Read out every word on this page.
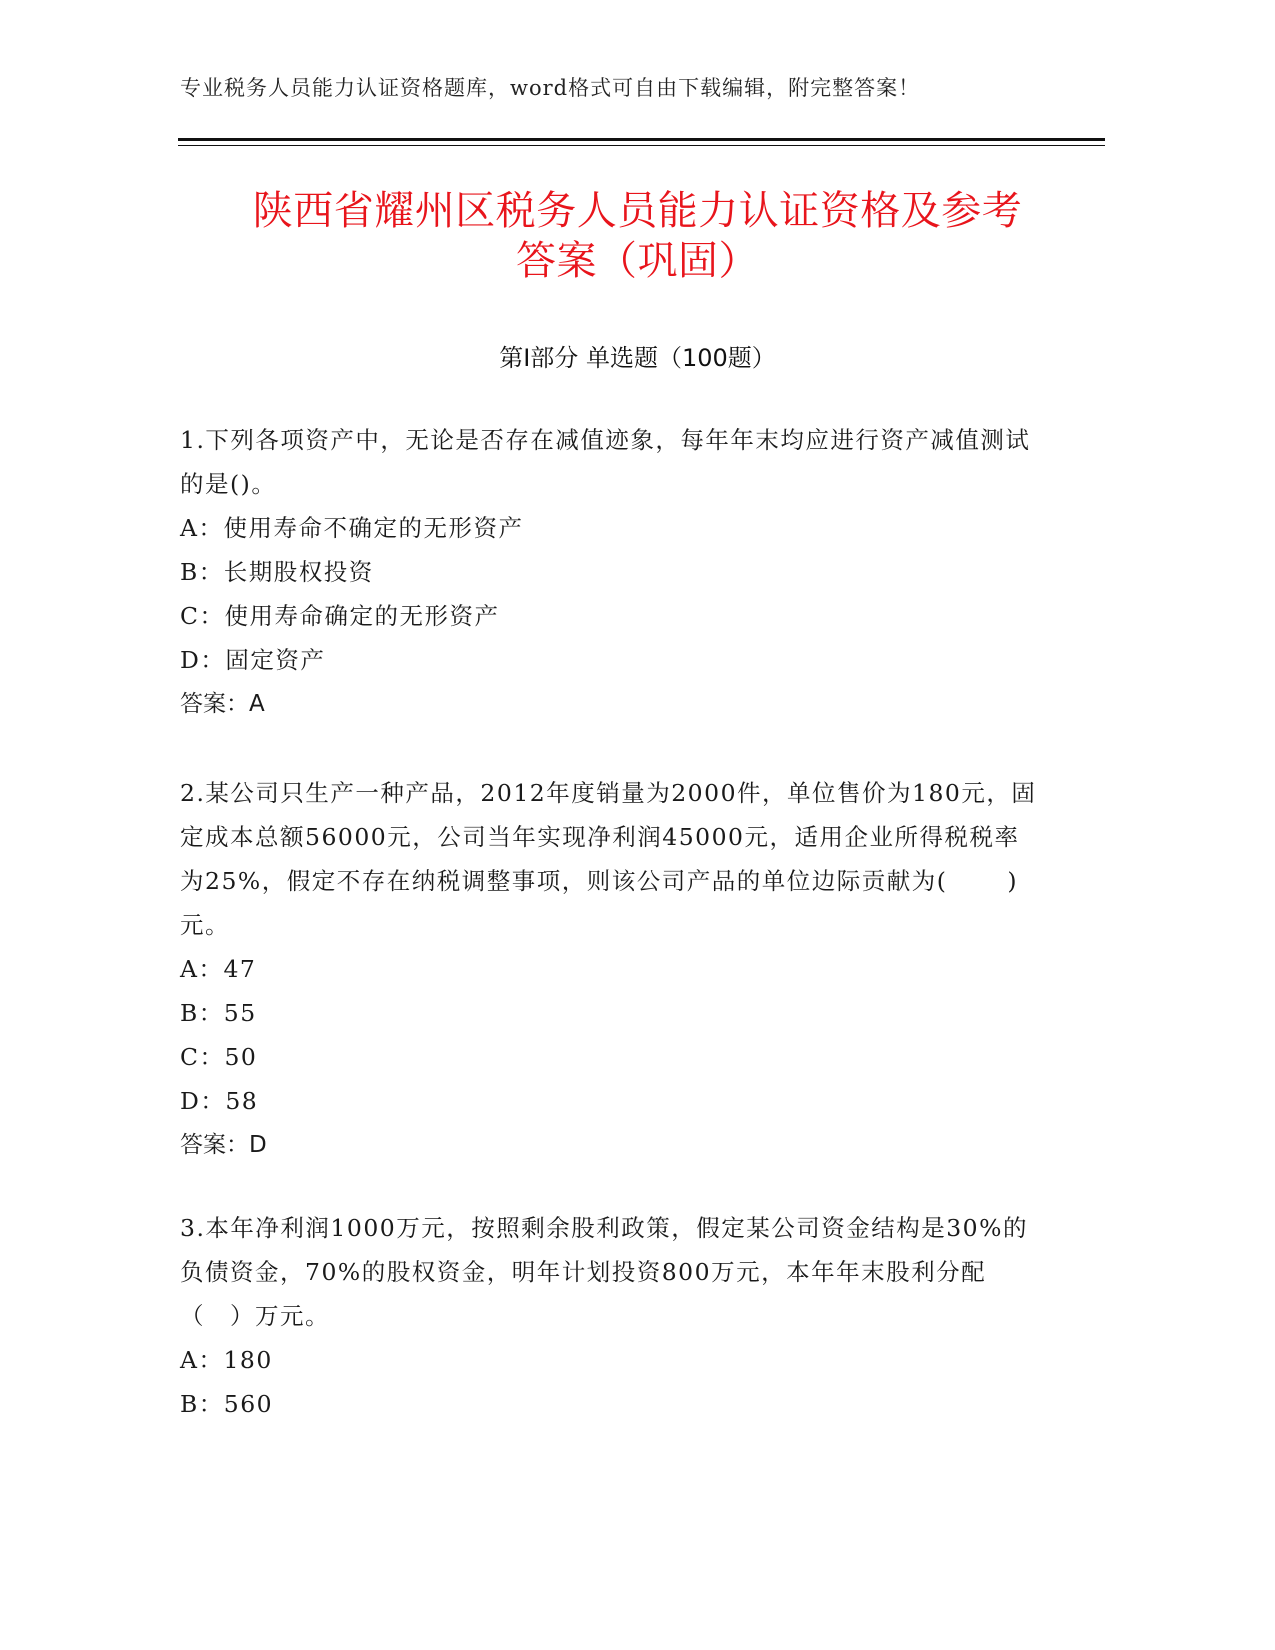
专业税务人员能力认证资格题库，word格式可自由下载编辑，附完整答案！
陕西省耀州区税务人员能力认证资格及参考
答案（巩固）
第Ⅰ部分 单选题（100题）
1.下列各项资产中，无论是否存在减值迹象，每年年末均应进行资产减值测试的是()。
A：使用寿命不确定的无形资产
B：长期股权投资
C：使用寿命确定的无形资产
D：固定资产
答案：A
2.某公司只生产一种产品，2012年度销量为2000件，单位售价为180元，固定成本总额56000元，公司当年实现净利润45000元，适用企业所得税税率为25%，假定不存在纳税调整事项，则该公司产品的单位边际贡献为(	)元。
A：47
B：55
C：50
D：58
答案：D
3.本年净利润1000万元，按照剩余股利政策，假定某公司资金结构是30%的负债资金，70%的股权资金，明年计划投资800万元，本年年末股利分配（　）万元。
A：180
B：560
